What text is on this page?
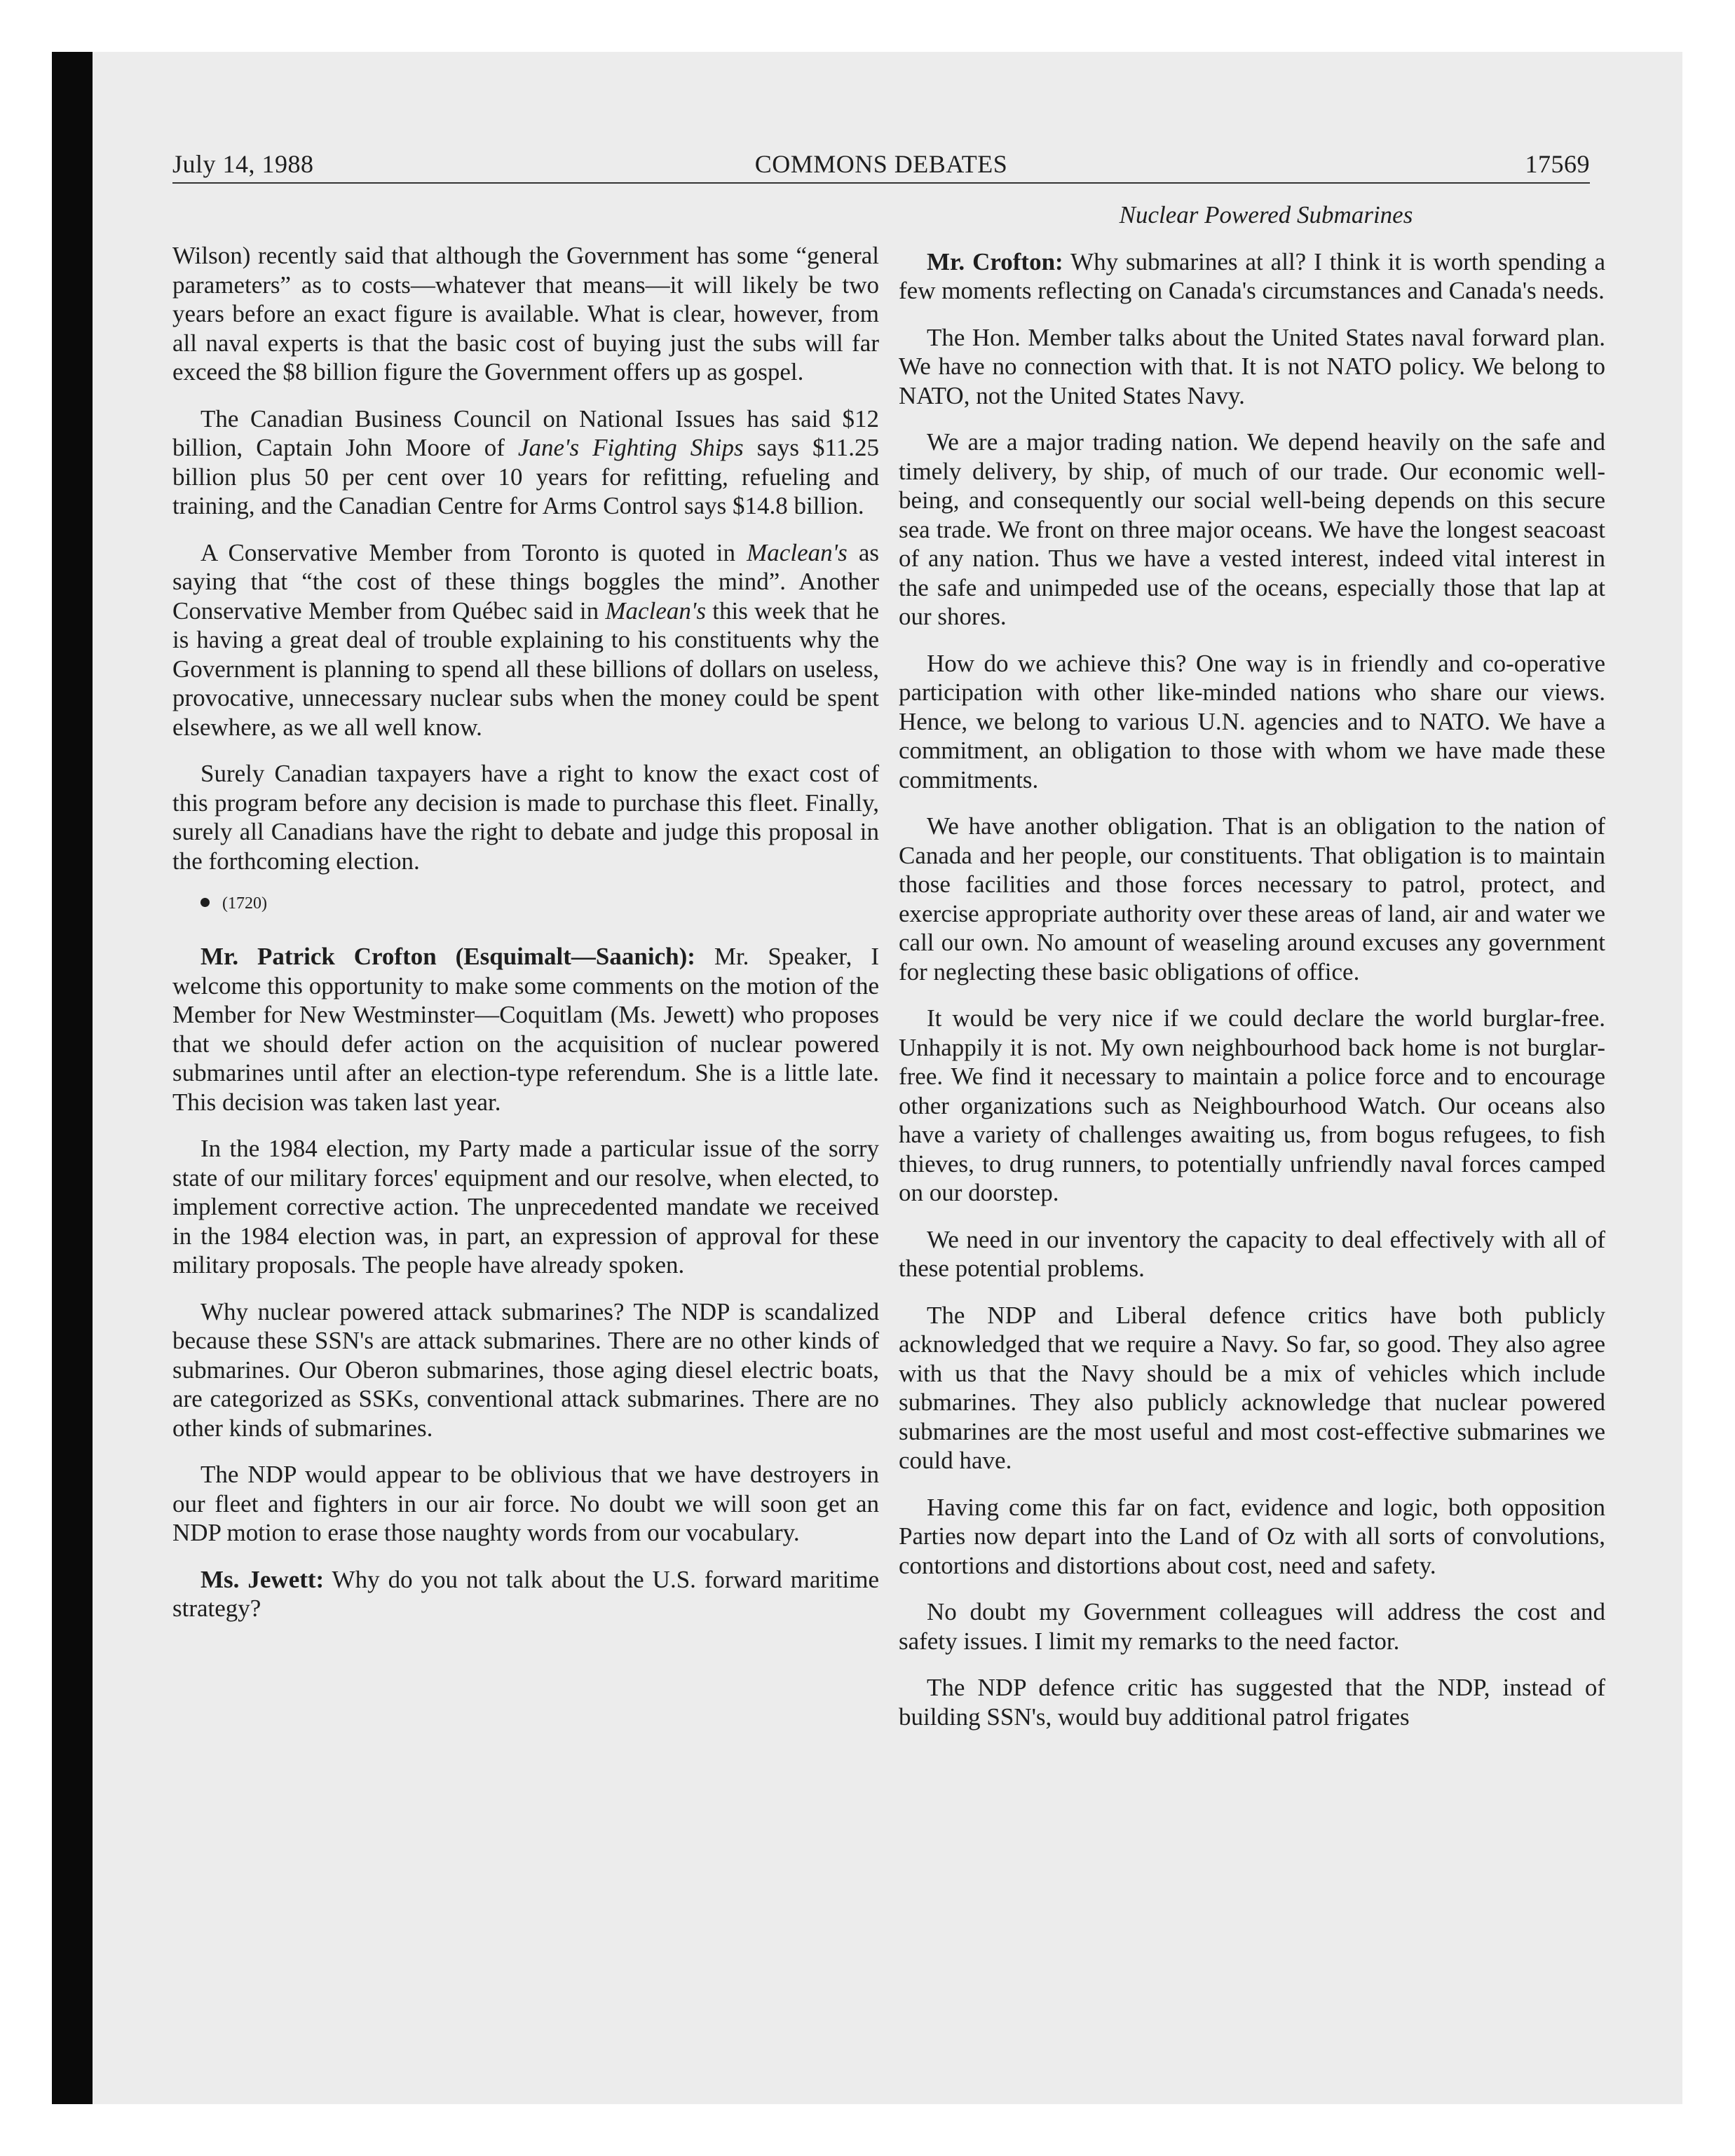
July 14, 1988	COMMONS DEBATES	17569

Wilson) recently said that although the Government has some “general parameters” as to costs—whatever that means—it will likely be two years before an exact figure is available. What is clear, however, from all naval experts is that the basic cost of buying just the subs will far exceed the $8 billion figure the Government offers up as gospel.

The Canadian Business Council on National Issues has said $12 billion, Captain John Moore of Jane's Fighting Ships says $11.25 billion plus 50 per cent over 10 years for refitting, refueling and training, and the Canadian Centre for Arms Control says $14.8 billion.

A Conservative Member from Toronto is quoted in Maclean's as saying that “the cost of these things boggles the mind”. Another Conservative Member from Québec said in Maclean's this week that he is having a great deal of trouble explaining to his constituents why the Government is planning to spend all these billions of dollars on useless, provocative, unnecessary nuclear subs when the money could be spent elsewhere, as we all well know.

Surely Canadian taxpayers have a right to know the exact cost of this program before any decision is made to purchase this fleet. Finally, surely all Canadians have the right to debate and judge this proposal in the forthcoming election.

(1720)

Mr. Patrick Crofton (Esquimalt—Saanich): Mr. Speaker, I welcome this opportunity to make some comments on the motion of the Member for New Westminster—Coquitlam (Ms. Jewett) who proposes that we should defer action on the acquisition of nuclear powered submarines until after an election-type referendum. She is a little late. This decision was taken last year.

In the 1984 election, my Party made a particular issue of the sorry state of our military forces' equipment and our resolve, when elected, to implement corrective action. The unprecedented mandate we received in the 1984 election was, in part, an expression of approval for these military proposals. The people have already spoken.

Why nuclear powered attack submarines? The NDP is scandalized because these SSN's are attack submarines. There are no other kinds of submarines. Our Oberon submarines, those aging diesel electric boats, are categorized as SSKs, conventional attack submarines. There are no other kinds of submarines.

The NDP would appear to be oblivious that we have destroyers in our fleet and fighters in our air force. No doubt we will soon get an NDP motion to erase those naughty words from our vocabulary.

Ms. Jewett: Why do you not talk about the U.S. forward maritime strategy?

Nuclear Powered Submarines

Mr. Crofton: Why submarines at all? I think it is worth spending a few moments reflecting on Canada's circumstances and Canada's needs.

The Hon. Member talks about the United States naval forward plan. We have no connection with that. It is not NATO policy. We belong to NATO, not the United States Navy.

We are a major trading nation. We depend heavily on the safe and timely delivery, by ship, of much of our trade. Our economic well-being, and consequently our social well-being depends on this secure sea trade. We front on three major oceans. We have the longest seacoast of any nation. Thus we have a vested interest, indeed vital interest in the safe and unimpeded use of the oceans, especially those that lap at our shores.

How do we achieve this? One way is in friendly and co-operative participation with other like-minded nations who share our views. Hence, we belong to various U.N. agencies and to NATO. We have a commitment, an obligation to those with whom we have made these commitments.

We have another obligation. That is an obligation to the nation of Canada and her people, our constituents. That obligation is to maintain those facilities and those forces necessary to patrol, protect, and exercise appropriate authority over these areas of land, air and water we call our own. No amount of weaseling around excuses any government for neglecting these basic obligations of office.

It would be very nice if we could declare the world burglar-free. Unhappily it is not. My own neighbourhood back home is not burglar-free. We find it necessary to maintain a police force and to encourage other organizations such as Neighbourhood Watch. Our oceans also have a variety of challenges awaiting us, from bogus refugees, to fish thieves, to drug runners, to potentially unfriendly naval forces camped on our doorstep.

We need in our inventory the capacity to deal effectively with all of these potential problems.

The NDP and Liberal defence critics have both publicly acknowledged that we require a Navy. So far, so good. They also agree with us that the Navy should be a mix of vehicles which include submarines. They also publicly acknowledge that nuclear powered submarines are the most useful and most cost-effective submarines we could have.

Having come this far on fact, evidence and logic, both opposition Parties now depart into the Land of Oz with all sorts of convolutions, contortions and distortions about cost, need and safety.

No doubt my Government colleagues will address the cost and safety issues. I limit my remarks to the need factor.

The NDP defence critic has suggested that the NDP, instead of building SSN's, would buy additional patrol frigates
